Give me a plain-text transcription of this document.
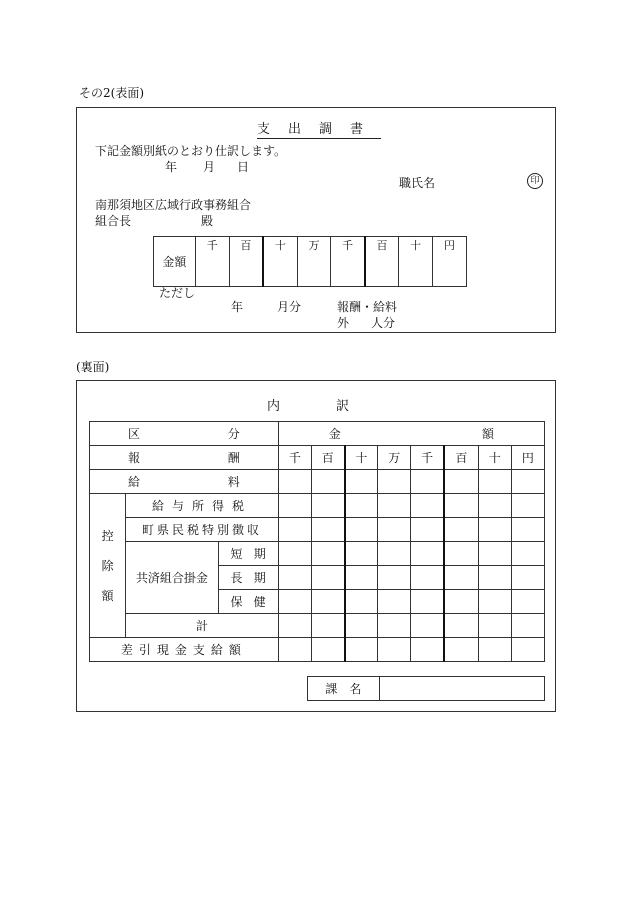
その2(表面)
支出調書
下記金額別紙のとおり仕訳します。
年 月 日
職氏名	印
南那須地区広域行政事務組合
組合長	殿
金額	千	百	十	万	千	百	十	円

ただし
年	月分	報酬・給料
外 人分
(裏面)
内　　訳
区 分			金 額							

報 酬			千	百	十	万	千	百	十	円

給 料										

控
除
額	給与所得税									
	町県民税特別徴収									
	共済組合掛金	短 期								

		長 期								

		保 健								

	計									
差引現金支給額										
課　名	
